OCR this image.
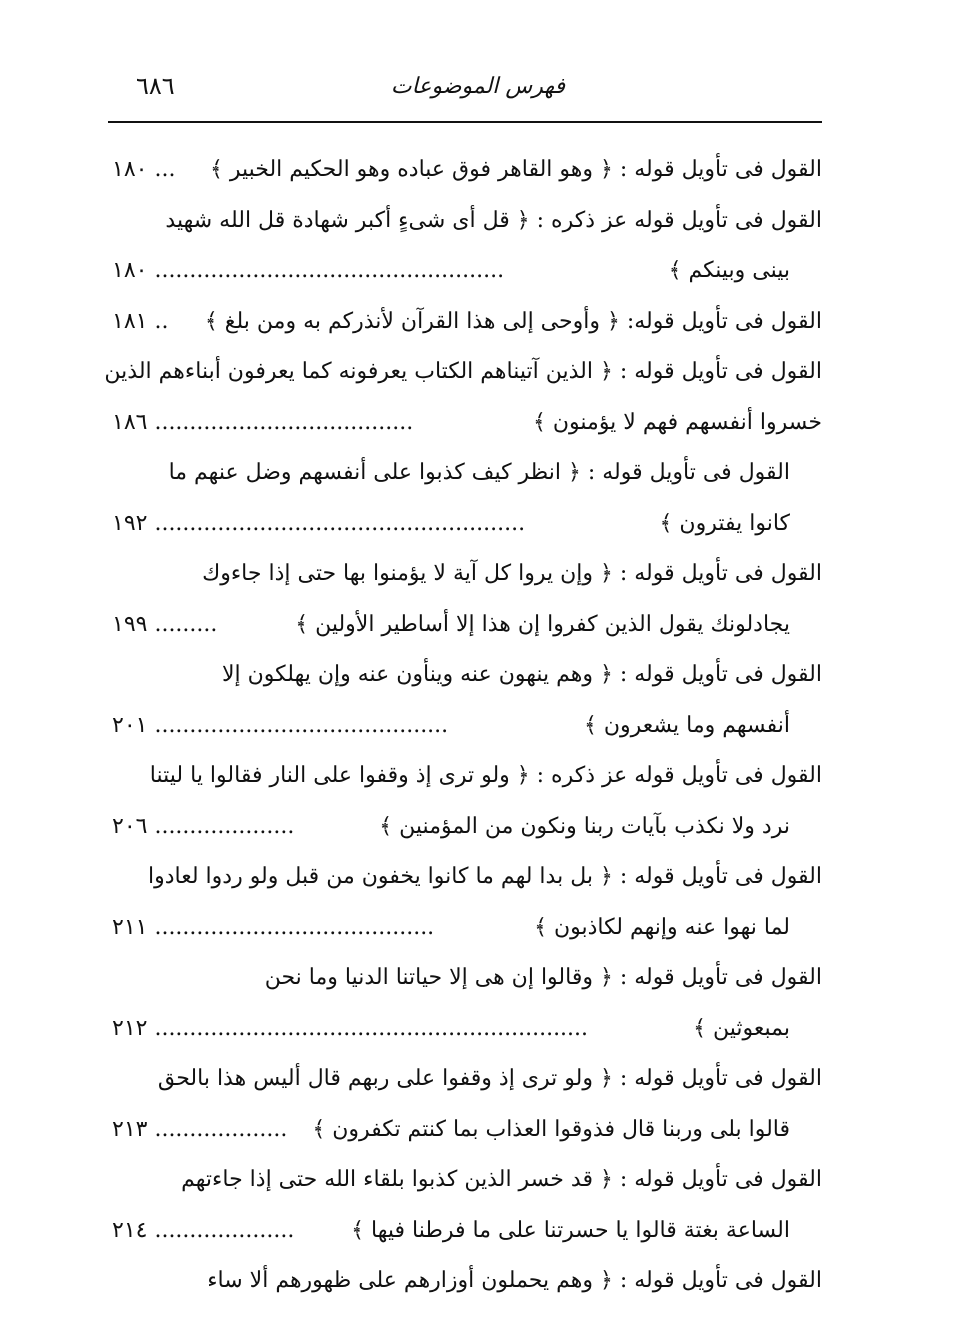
فهرس الموضوعات
٦٨٦
القول فى تأويل قوله : ﴿ وهو القاهر فوق عباده وهو الحكيم الخبير ﴾
... ١٨٠
القول فى تأويل قوله عز ذكره : ﴿ قل أى شىءٍ أكبر شهادة قل الله شهيد
بينى وبينكم ﴾
.................................................. ١٨٠
القول فى تأويل قوله: ﴿ وأوحى إلى هذا القرآن لأنذركم به ومن بلغ ﴾
.. ١٨١
القول فى تأويل قوله : ﴿ الذين آتيناهم الكتاب يعرفونه كما يعرفون أبناءهم الذين
خسروا أنفسهم فهم لا يؤمنون ﴾
..................................... ١٨٦
القول فى تأويل قوله : ﴿ انظر كيف كذبوا على أنفسهم وضل عنهم ما
كانوا يفترون ﴾
..................................................... ١٩٢
القول فى تأويل قوله : ﴿ وإن يروا كل آية لا يؤمنوا بها حتى إذا جاءوك
يجادلونك يقول الذين كفروا إن هذا إلا أساطير الأولين ﴾
......... ١٩٩
القول فى تأويل قوله : ﴿ وهم ينهون عنه وينأون عنه وإن يهلكون إلا
أنفسهم وما يشعرون ﴾
.......................................... ٢٠١
القول فى تأويل قوله عز ذكره : ﴿ ولو ترى إذ وقفوا على النار فقالوا يا ليتنا
نرد ولا نكذب بآيات ربنا ونكون من المؤمنين ﴾
.................... ٢٠٦
القول فى تأويل قوله : ﴿ بل بدا لهم ما كانوا يخفون من قبل ولو ردوا لعادوا
لما نهوا عنه وإنهم لكاذبون ﴾
........................................ ٢١١
القول فى تأويل قوله : ﴿ وقالوا إن هى إلا حياتنا الدنيا وما نحن
بمبعوثين ﴾
.............................................................. ٢١٢
القول فى تأويل قوله : ﴿ ولو ترى إذ وقفوا على ربهم قال أليس هذا بالحق
قالوا بلى وربنا قال فذوقوا العذاب بما كنتم تكفرون ﴾
................... ٢١٣
القول فى تأويل قوله : ﴿ قد خسر الذين كذبوا بلقاء الله حتى إذا جاءتهم
الساعة بغتة قالوا يا حسرتنا على ما فرطنا فيها ﴾
.................... ٢١٤
القول فى تأويل قوله : ﴿ وهم يحملون أوزارهم على ظهورهم ألا ساء
